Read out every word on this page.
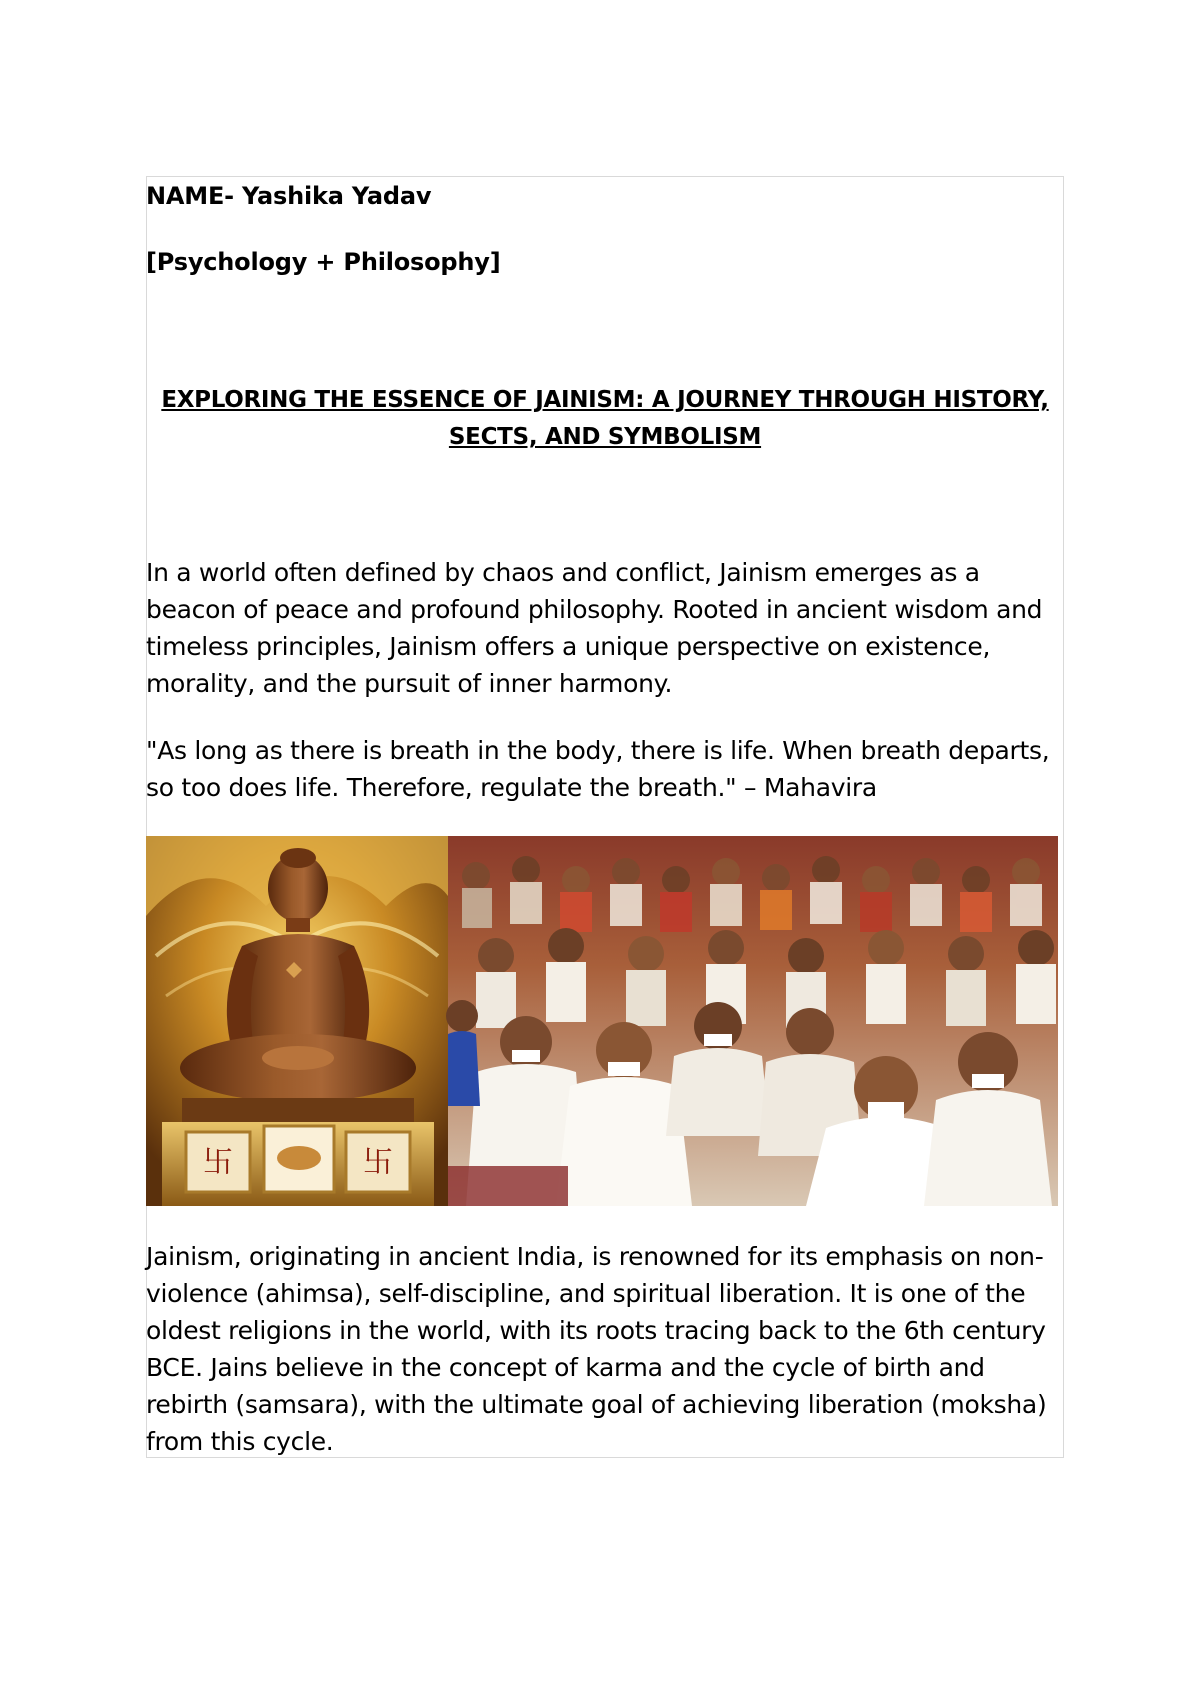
NAME- Yashika Yadav
[Psychology + Philosophy]
EXPLORING THE ESSENCE OF JAINISM: A JOURNEY THROUGH HISTORY,
SECTS, AND SYMBOLISM
In a world often defined by chaos and conflict, Jainism emerges as a
beacon of peace and profound philosophy. Rooted in ancient wisdom and
timeless principles, Jainism offers a unique perspective on existence,
morality, and the pursuit of inner harmony.
"As long as there is breath in the body, there is life. When breath departs,
so too does life. Therefore, regulate the breath." – Mahavira
卐	卐
Jainism, originating in ancient India, is renowned for its emphasis on non-
violence (ahimsa), self-discipline, and spiritual liberation. It is one of the
oldest religions in the world, with its roots tracing back to the 6th century
BCE. Jains believe in the concept of karma and the cycle of birth and
rebirth (samsara), with the ultimate goal of achieving liberation (moksha)
from this cycle.
